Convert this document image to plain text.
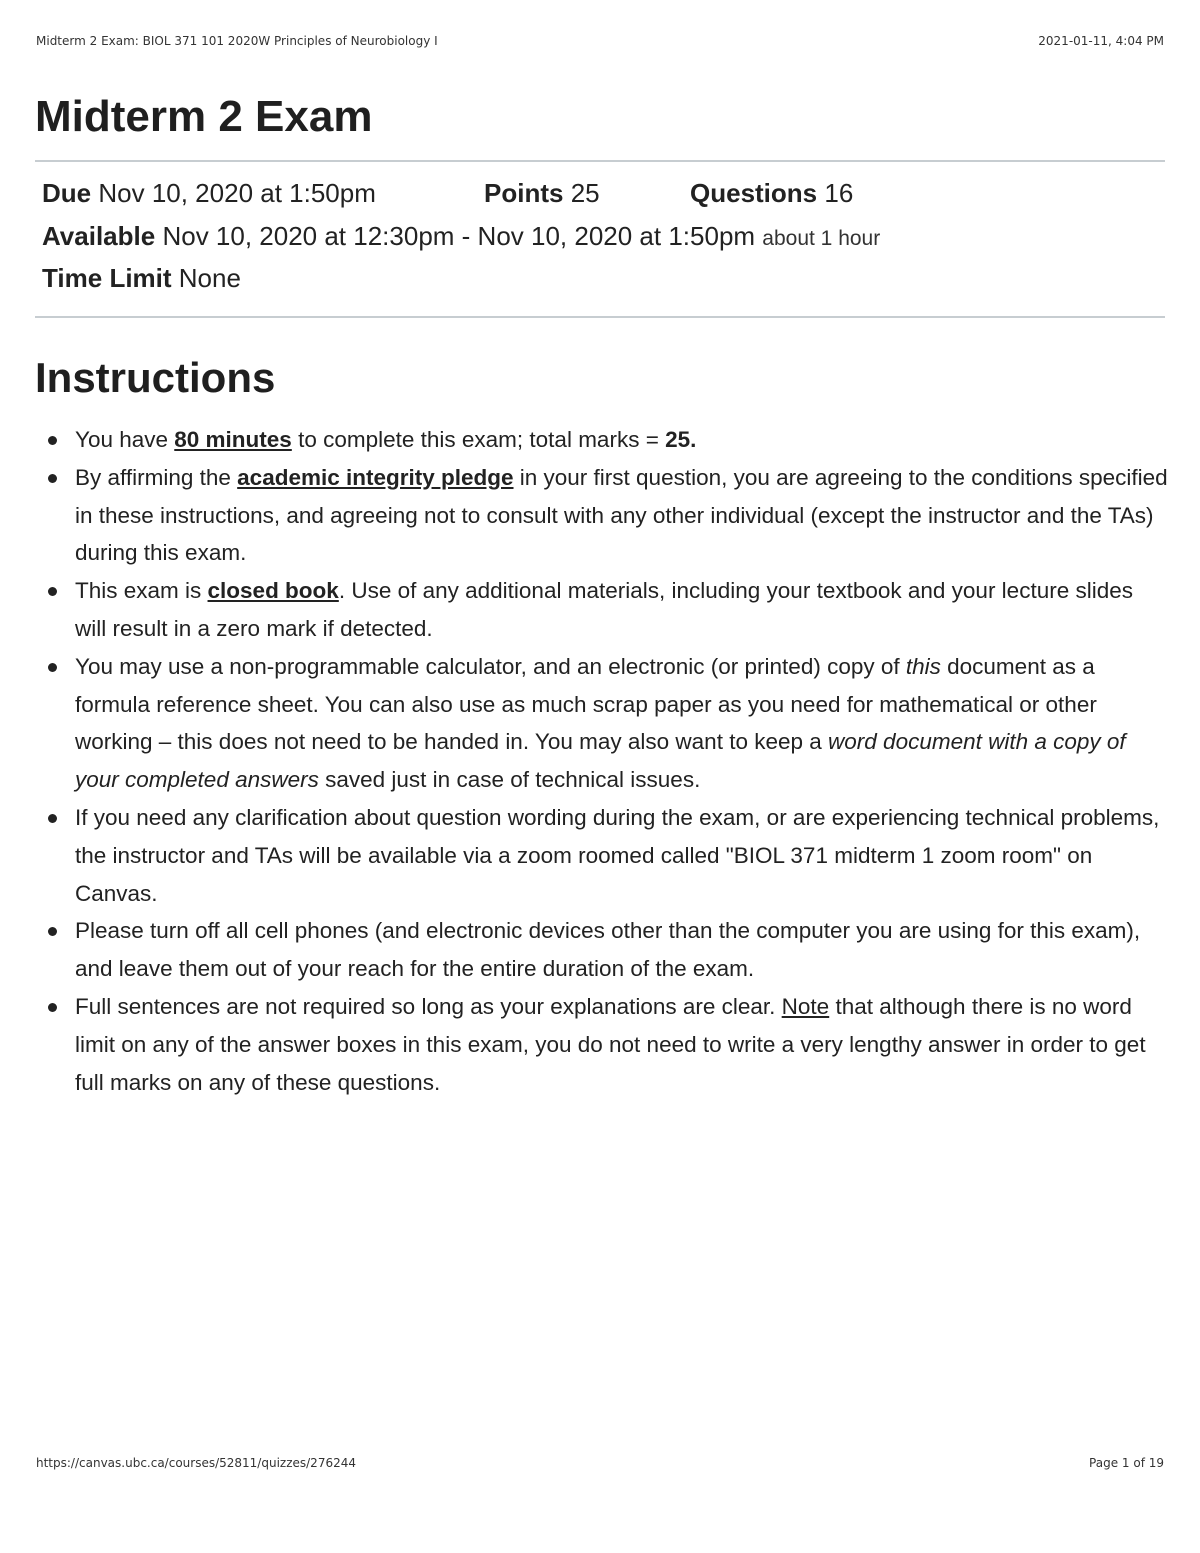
Midterm 2 Exam: BIOL 371 101 2020W Principles of Neurobiology I	2021-01-11, 4:04 PM
Midterm 2 Exam
Due Nov 10, 2020 at 1:50pm	Points 25	Questions 16
Available Nov 10, 2020 at 12:30pm - Nov 10, 2020 at 1:50pm about 1 hour
Time Limit None
Instructions
You have 80 minutes to complete this exam; total marks = 25.
By affirming the academic integrity pledge in your first question, you are agreeing to the conditions specified in these instructions, and agreeing not to consult with any other individual (except the instructor and the TAs) during this exam.
This exam is closed book. Use of any additional materials, including your textbook and your lecture slides will result in a zero mark if detected.
You may use a non-programmable calculator, and an electronic (or printed) copy of this document as a formula reference sheet. You can also use as much scrap paper as you need for mathematical or other working – this does not need to be handed in. You may also want to keep a word document with a copy of your completed answers saved just in case of technical issues.
If you need any clarification about question wording during the exam, or are experiencing technical problems, the instructor and TAs will be available via a zoom roomed called "BIOL 371 midterm 1 zoom room" on Canvas.
Please turn off all cell phones (and electronic devices other than the computer you are using for this exam), and leave them out of your reach for the entire duration of the exam.
Full sentences are not required so long as your explanations are clear. Note that although there is no word limit on any of the answer boxes in this exam, you do not need to write a very lengthy answer in order to get full marks on any of these questions.
https://canvas.ubc.ca/courses/52811/quizzes/276244	Page 1 of 19
